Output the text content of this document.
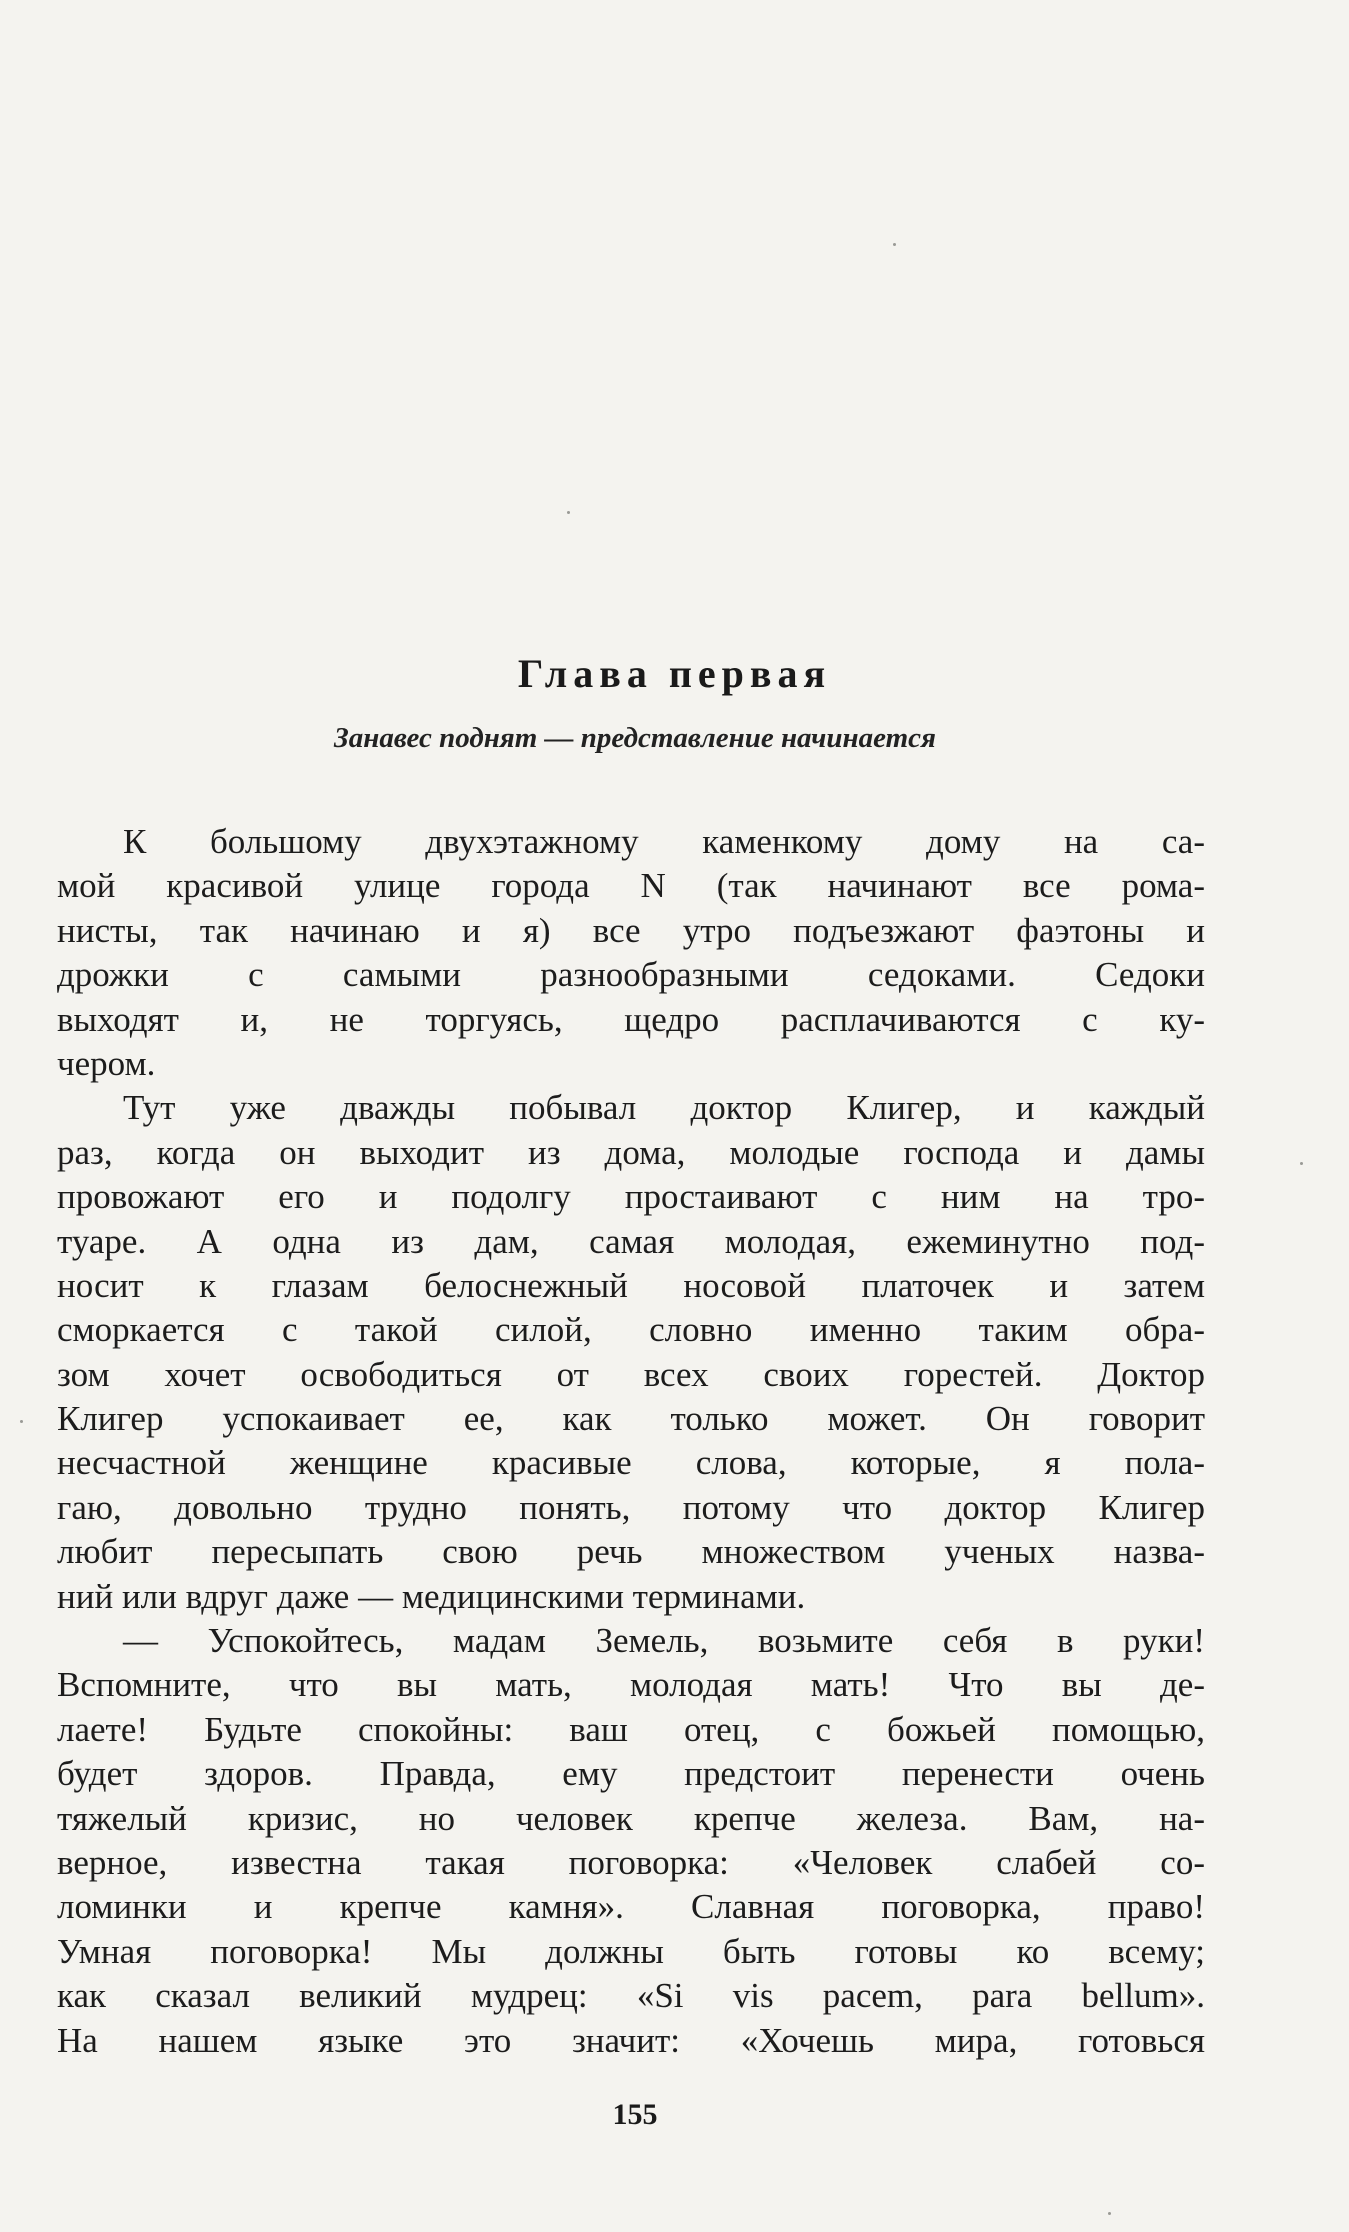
Глава первая
Занавес поднят — представление начинается
К большому двухэтажному каменкому дому на са-
мой красивой улице города N (так начинают все рома-
нисты, так начинаю и я) все утро подъезжают фаэтоны и
дрожки с самыми разнообразными седоками. Седоки
выходят и, не торгуясь, щедро расплачиваются с ку-
чером.
Тут уже дважды побывал доктор Клигер, и каждый
раз, когда он выходит из дома, молодые господа и дамы
провожают его и подолгу простаивают с ним на тро-
туаре. А одна из дам, самая молодая, ежеминутно под-
носит к глазам белоснежный носовой платочек и затем
сморкается с такой силой, словно именно таким обра-
зом хочет освободиться от всех своих горестей. Доктор
Клигер успокаивает ее, как только может. Он говорит
несчастной женщине красивые слова, которые, я пола-
гаю, довольно трудно понять, потому что доктор Клигер
любит пересыпать свою речь множеством ученых назва-
ний или вдруг даже — медицинскими терминами.
— Успокойтесь, мадам Земель, возьмите себя в руки!
Вспомните, что вы мать, молодая мать! Что вы де-
лаете! Будьте спокойны: ваш отец, с божьей помощью,
будет здоров. Правда, ему предстоит перенести очень
тяжелый кризис, но человек крепче железа. Вам, на-
верное, известна такая поговорка: «Человек слабей со-
ломинки и крепче камня». Славная поговорка, право!
Умная поговорка! Мы должны быть готовы ко всему;
как сказал великий мудрец: «Si vis pacem, para bellum».
На нашем языке это значит: «Хочешь мира, готовься
155
